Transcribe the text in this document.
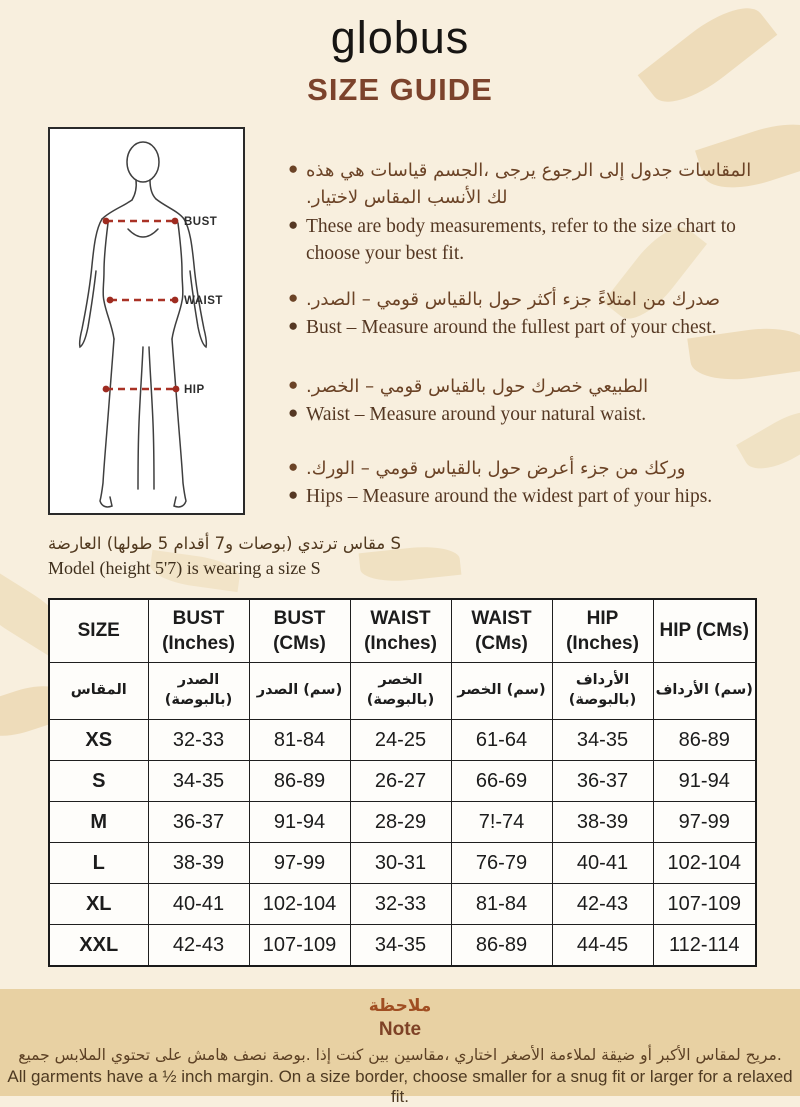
globus
SIZE GUIDE
BUST
WAIST
HIP
● هذه هي قياسات الجسم، يرجى الرجوع إلى جدول المقاسات
.لاختيار المقاس الأنسب لك
● These are body measurements, refer to the size chart to
choose your best fit.
● .الصدر – قومي بالقياس حول أكثر جزء امتلاءً من صدرك
● Bust – Measure around the fullest part of your chest.
● .الخصر – قومي بالقياس حول خصرك الطبيعي
● Waist – Measure around your natural waist.
● .الورك – قومي بالقياس حول أعرض جزء من وركك
● Hips – Measure around the widest part of your hips.
العارضة (طولها 5 أقدام و7 بوصات) ترتدي مقاس S
Model (height 5'7) is wearing a size S
SIZE	BUST (Inches)	BUST (CMs)	WAIST (Inches)	WAIST (CMs)	HIP (Inches)	HIP (CMs)
المقاس	الصدر (بالبوصة)	الصدر (سم)	الخصر (بالبوصة)	الخصر (سم)	الأرداف (بالبوصة)	الأرداف (سم)
XS	32-33	81-84	24-25	61-64	34-35	86-89
S	34-35	86-89	26-27	66-69	36-37	91-94
M	36-37	91-94	28-29	7!-74	38-39	97-99
L	38-39	97-99	30-31	76-79	40-41	102-104
XL	40-41	102-104	32-33	81-84	42-43	107-109
XXL	42-43	107-109	34-35	86-89	44-45	112-114
ملاحظة
Note
جميع الملابس تحتوي على هامش نصف بوصة. إذا كنت بين مقاسين، اختاري الأصغر لملاءمة ضيقة أو الأكبر لمقاس مريح.
All garments have a ½ inch margin. On a size border, choose smaller for a snug fit or larger for a relaxed fit.
